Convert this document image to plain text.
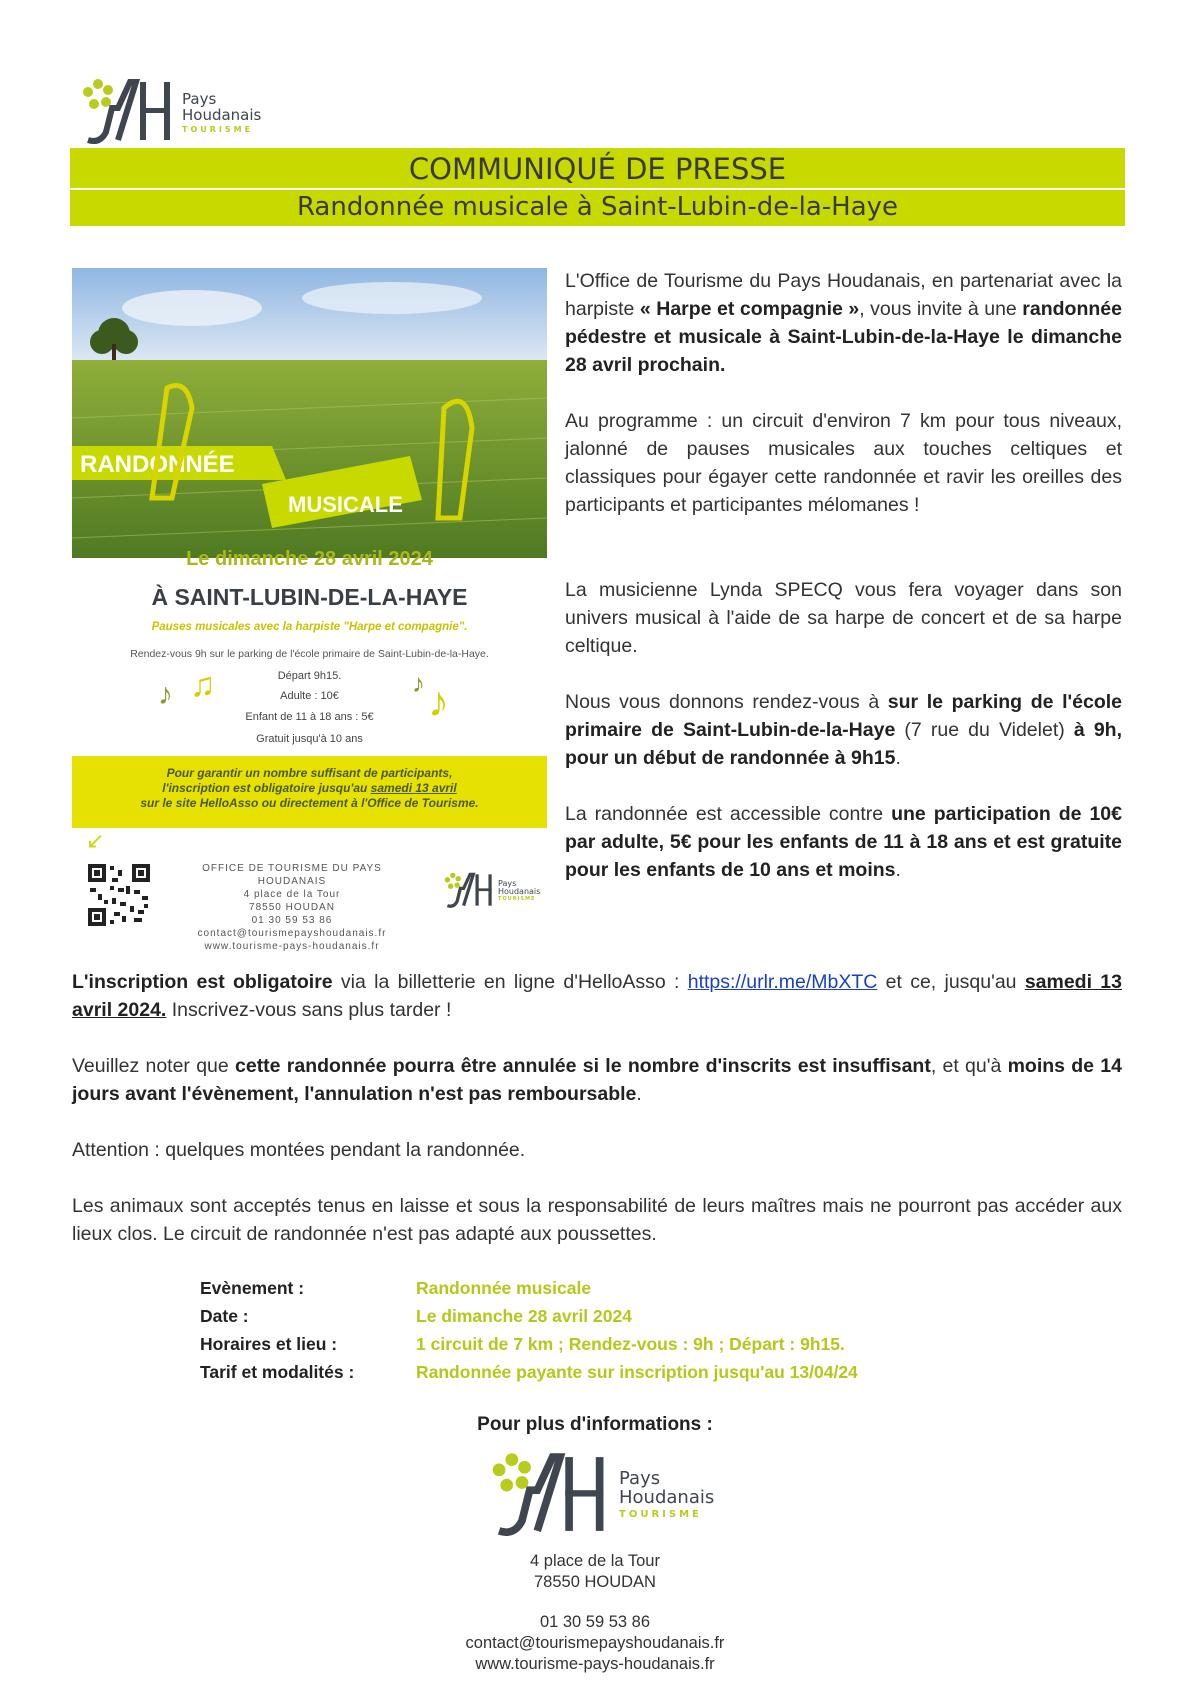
Pays
Houdanais
TOURISME
COMMUNIQUÉ DE PRESSE
Randonnée musicale à Saint-Lubin-de-la-Haye
RANDONNÉE
MUSICALE
Le dimanche 28 avril 2024
À SAINT-LUBIN-DE-LA-HAYE
Pauses musicales avec la harpiste "Harpe et compagnie".
Rendez-vous 9h sur le parking de l'école primaire de Saint-Lubin-de-la-Haye.
Départ 9h15.
Adulte : 10€
Enfant de 11 à 18 ans : 5€
Gratuit jusqu'à 10 ans
♪ ♫	♪ ♪
Pour garantir un nombre suffisant de participants,
l'inscription est obligatoire jusqu'au samedi 13 avril
sur le site HelloAsso ou directement à l'Office de Tourisme.
↙
OFFICE DE TOURISME DU PAYS HOUDANAIS
4 place de la Tour
78550 HOUDAN
01 30 59 53 86
contact@tourismepayshoudanais.fr
www.tourisme-pays-houdanais.fr
Pays
Houdanais
TOURISME
L'Office de Tourisme du Pays Houdanais, en partenariat avec la harpiste « Harpe et compagnie », vous invite à une randonnée pédestre et musicale à Saint-Lubin-de-la-Haye le dimanche 28 avril prochain.
Au programme : un circuit d'environ 7 km pour tous niveaux, jalonné de pauses musicales aux touches celtiques et classiques pour égayer cette randonnée et ravir les oreilles des participants et participantes mélomanes !
La musicienne Lynda SPECQ vous fera voyager dans son univers musical à l'aide de sa harpe de concert et de sa harpe celtique.
Nous vous donnons rendez-vous à sur le parking de l'école primaire de Saint-Lubin-de-la-Haye (7 rue du Videlet) à 9h, pour un début de randonnée à 9h15.
La randonnée est accessible contre une participation de 10€ par adulte, 5€ pour les enfants de 11 à 18 ans et est gratuite pour les enfants de 10 ans et moins.
L'inscription est obligatoire via la billetterie en ligne d'HelloAsso : https://urlr.me/MbXTC et ce, jusqu'au samedi 13 avril 2024. Inscrivez-vous sans plus tarder !
Veuillez noter que cette randonnée pourra être annulée si le nombre d'inscrits est insuffisant, et qu'à moins de 14 jours avant l'évènement, l'annulation n'est pas remboursable.
Attention : quelques montées pendant la randonnée.
Les animaux sont acceptés tenus en laisse et sous la responsabilité de leurs maîtres mais ne pourront pas accéder aux lieux clos. Le circuit de randonnée n'est pas adapté aux poussettes.
Evènement :	Randonnée musicale
Date :	Le dimanche 28 avril 2024
Horaires et lieu :	1 circuit de 7 km ; Rendez-vous : 9h ; Départ : 9h15.
Tarif et modalités :	Randonnée payante sur inscription jusqu'au 13/04/24
Pour plus d'informations :
Pays
Houdanais
TOURISME
4 place de la Tour
78550 HOUDAN
01 30 59 53 86
contact@tourismepayshoudanais.fr
www.tourisme-pays-houdanais.fr
